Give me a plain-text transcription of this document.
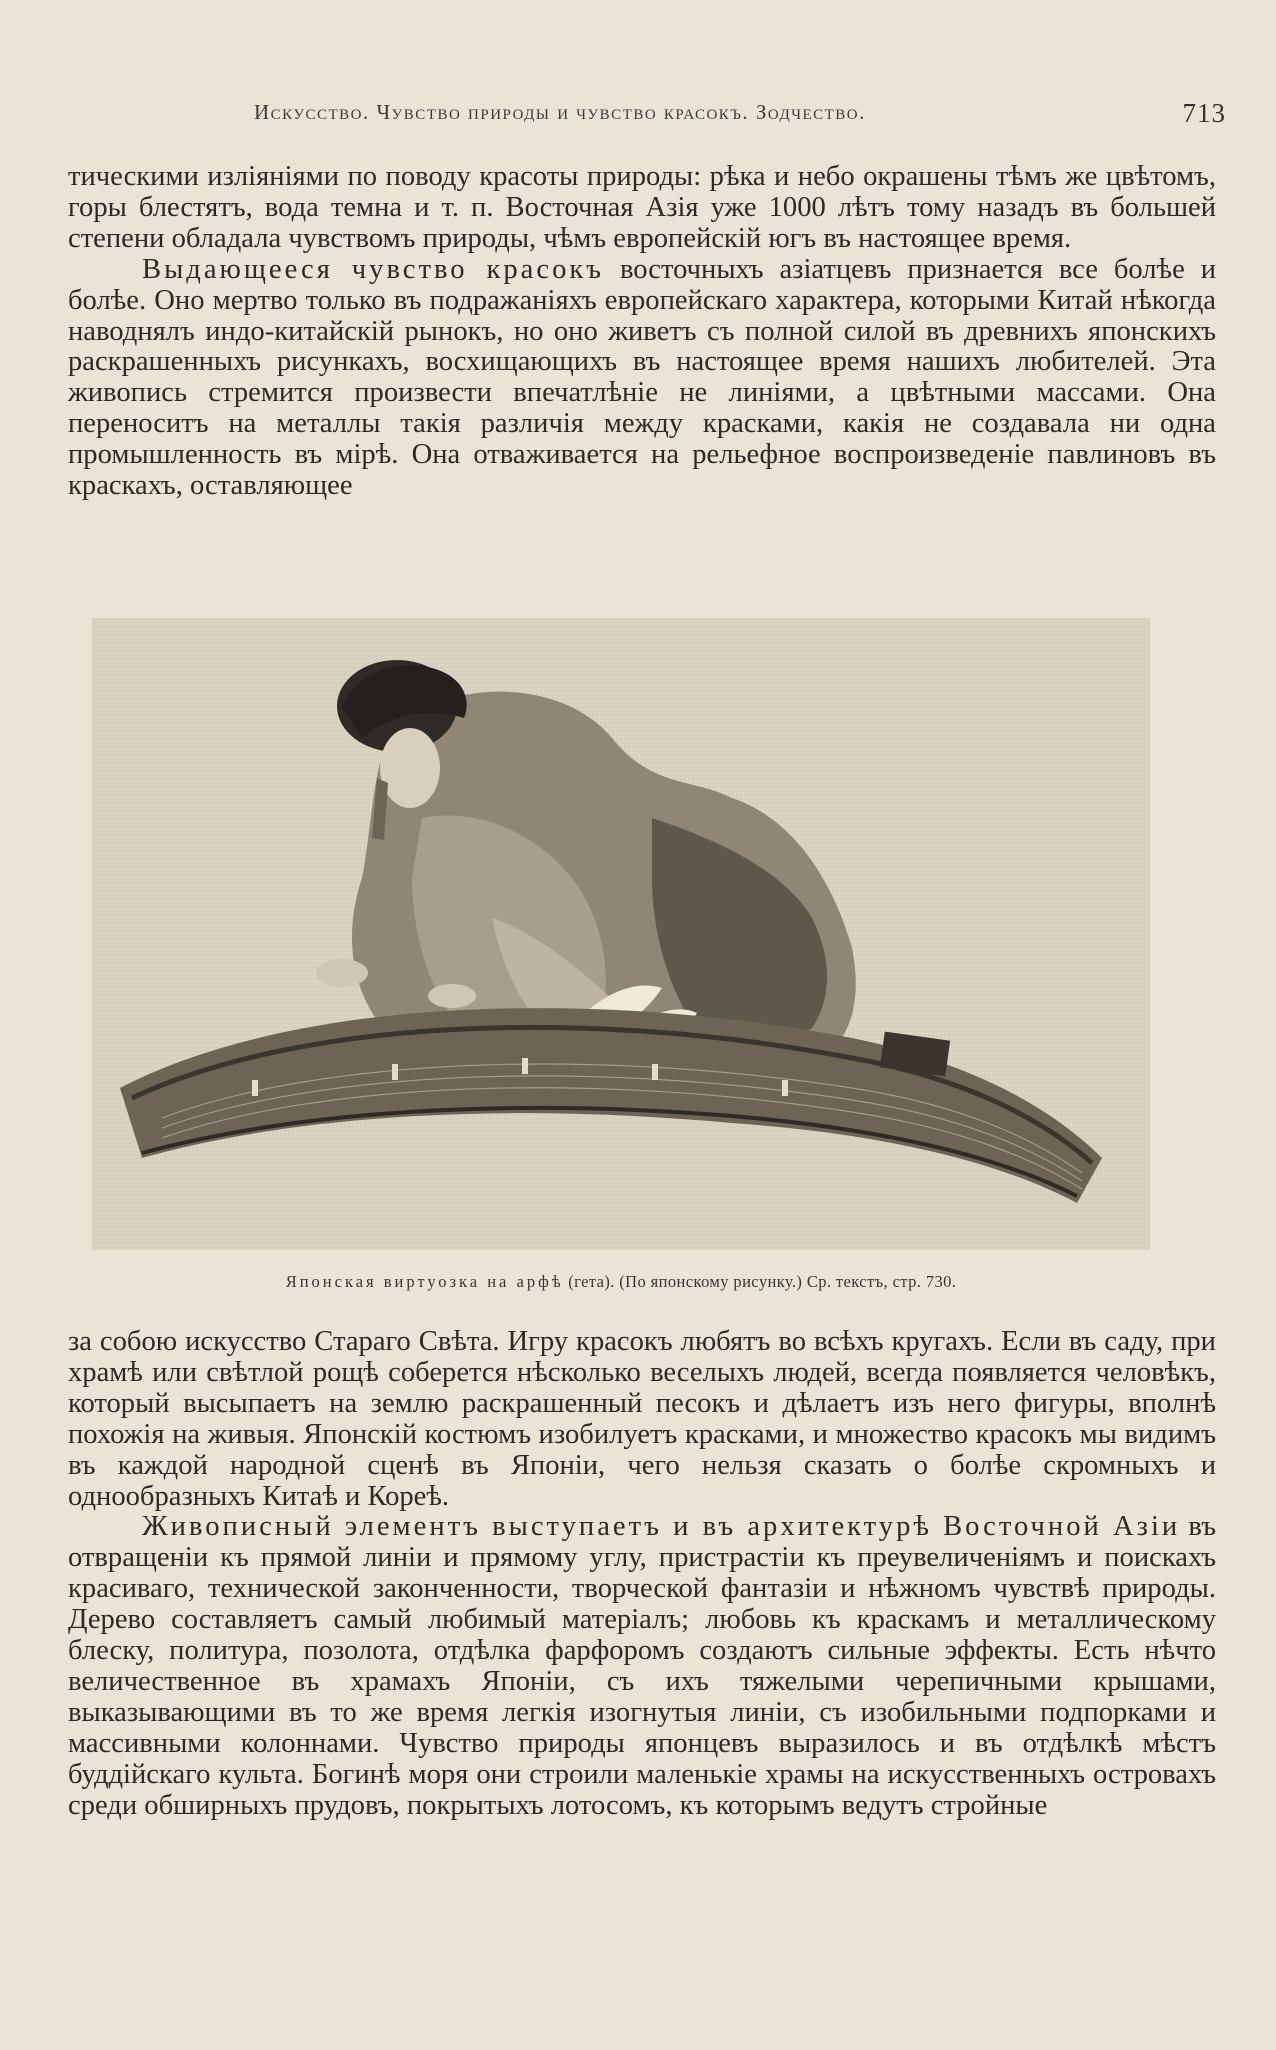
Искусство. Чувство природы и чувство красокъ. Зодчество.	713

тическими изліяніями по поводу красоты природы: рѣка и небо окрашены тѣмъ же цвѣтомъ, горы блестятъ, вода темна и т. п. Восточная Азія уже 1000 лѣтъ тому назадъ въ большей степени обладала чувствомъ природы, чѣмъ европейскій югъ въ настоящее время.

Выдающееся чувство красокъ восточныхъ азіатцевъ признается все болѣе и болѣе. Оно мертво только въ подражаніяхъ европейскаго характера, которыми Китай нѣкогда наводнялъ индо-китайскій рынокъ, но оно живетъ съ полной силой въ древнихъ японскихъ раскрашенныхъ рисункахъ, восхищающихъ въ настоящее время нашихъ любителей. Эта живопись стремится произвести впечатлѣніе не линіями, а цвѣтными массами. Она переноситъ на металлы такія различія между красками, какія не создавала ни одна промышленность въ мірѣ. Она отваживается на рельефное воспроизведеніе павлиновъ въ краскахъ, оставляющее

Японская виртуозка на арфѣ (гета). (По японскому рисунку.) Ср. текстъ, стр. 730.

за собою искусство Стараго Свѣта. Игру красокъ любятъ во всѣхъ кругахъ. Если въ саду, при храмѣ или свѣтлой рощѣ соберется нѣсколько веселыхъ людей, всегда появляется человѣкъ, который высыпаетъ на землю раскрашенный песокъ и дѣлаетъ изъ него фигуры, вполнѣ похожія на живыя. Японскій костюмъ изобилуетъ красками, и множество красокъ мы видимъ въ каждой народной сценѣ въ Японіи, чего нельзя сказать о болѣе скромныхъ и однообразныхъ Китаѣ и Кореѣ.

Живописный элементъ выступаетъ и въ архитектурѣ Восточной Азіи въ отвращеніи къ прямой линіи и прямому углу, пристрастіи къ преувеличеніямъ и поискахъ красиваго, технической законченности, творческой фантазіи и нѣжномъ чувствѣ природы. Дерево составляетъ самый любимый матеріалъ; любовь къ краскамъ и металлическому блеску, политура, позолота, отдѣлка фарфоромъ создаютъ сильные эффекты. Есть нѣчто величественное въ храмахъ Японіи, съ ихъ тяжелыми черепичными крышами, выказывающими въ то же время легкія изогнутыя линіи, съ изобильными подпорками и массивными колоннами. Чувство природы японцевъ выразилось и въ отдѣлкѣ мѣстъ буддійскаго культа. Богинѣ моря они строили маленькіе храмы на искусственныхъ островахъ среди обширныхъ прудовъ, покрытыхъ лотосомъ, къ которымъ ведутъ стройные
